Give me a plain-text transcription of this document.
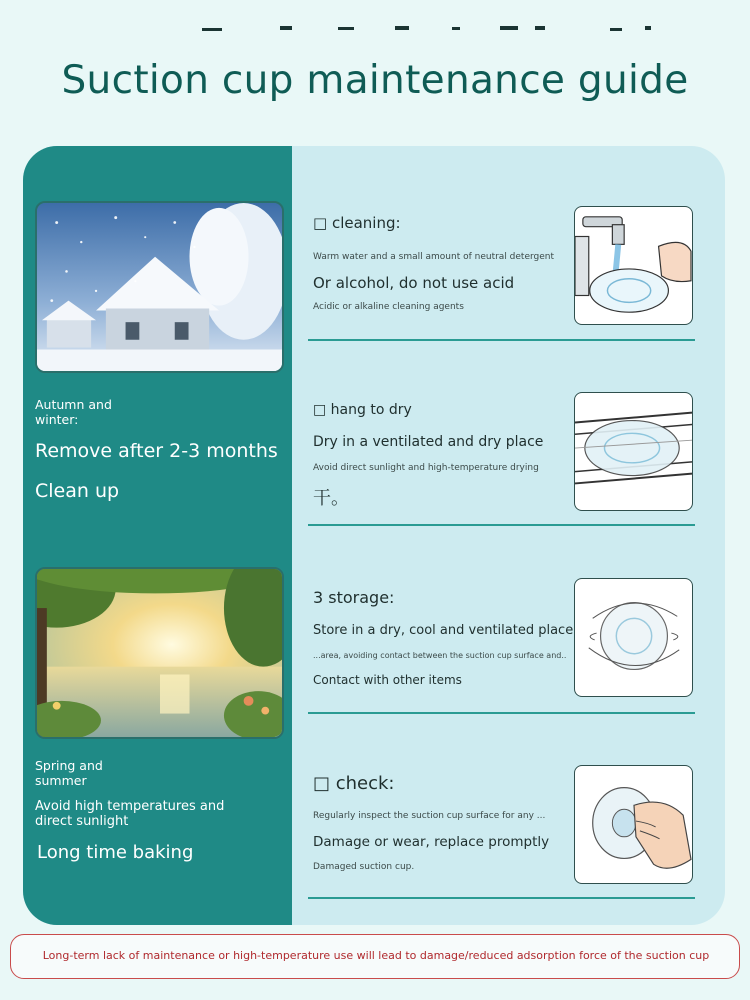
Suction cup maintenance guide
Autumn and winter:
Remove after 2-3 months
Clean up
Spring and summer
Avoid high temperatures and direct sunlight
Long time baking
□ cleaning:
Warm water and a small amount of neutral detergent
Or alcohol, do not use acid
Acidic or alkaline cleaning agents
□ hang to dry
Dry in a ventilated and dry place
Avoid direct sunlight and high-temperature drying
干。
3 storage:
Store in a dry, cool and ventilated place
...area, avoiding contact between the suction cup surface and..
Contact with other items
□ check:
Regularly inspect the suction cup surface for any ...
Damage or wear, replace promptly
Damaged suction cup.
Long-term lack of maintenance or high-temperature use will lead to damage/reduced adsorption force of the suction cup
